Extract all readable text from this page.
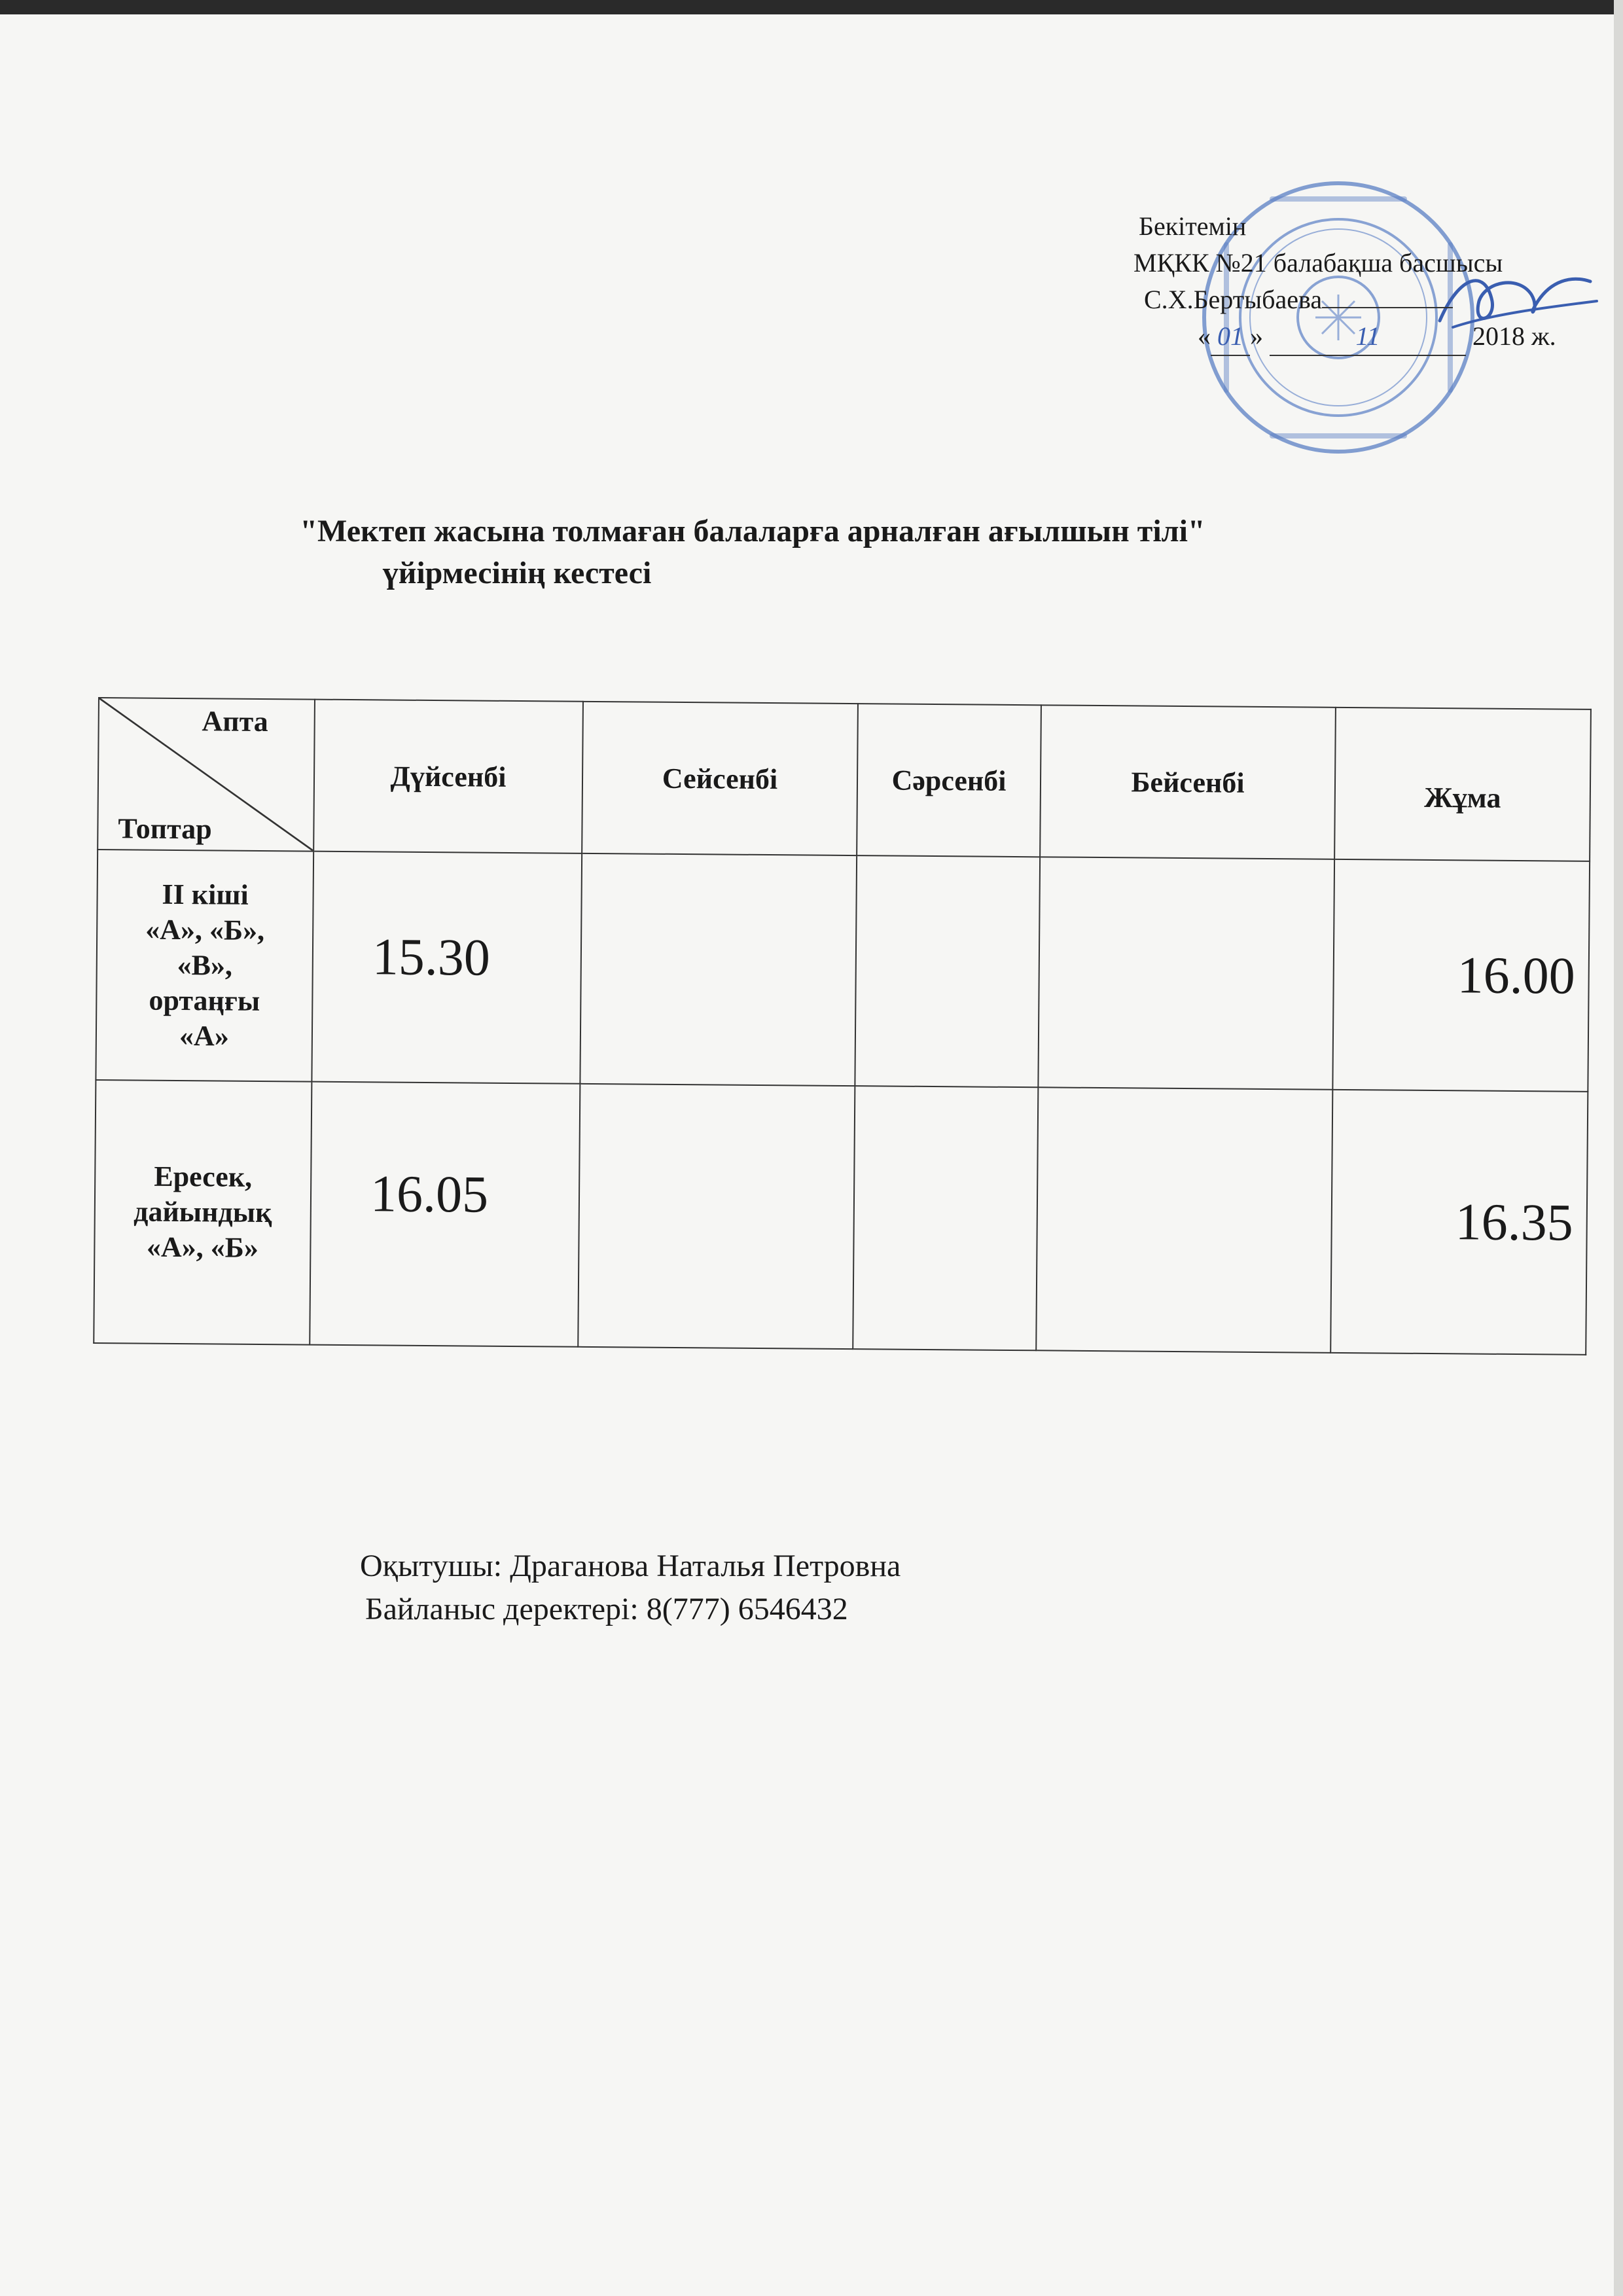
Бекітемін
МҚКК №21 балабақша басшысы
С.Х.Бертыбаева
« 01 »	11	2018 ж.
"Мектеп жасына толмаған балаларға арналған ағылшын тілі"
үйірмесінің кестесі
Апта
Топтар	Дүйсенбі	Сейсенбі	Сәрсенбі	Бейсенбі	Жұма

ІІ кіші
«А», «Б»,
«В»,
ортаңғы
«А»	15.30				16.00

Ересек,
дайындық
«А», «Б»	16.05				16.35
Оқытушы: Драганова Наталья Петровна
Байланыс деректері: 8(777) 6546432
